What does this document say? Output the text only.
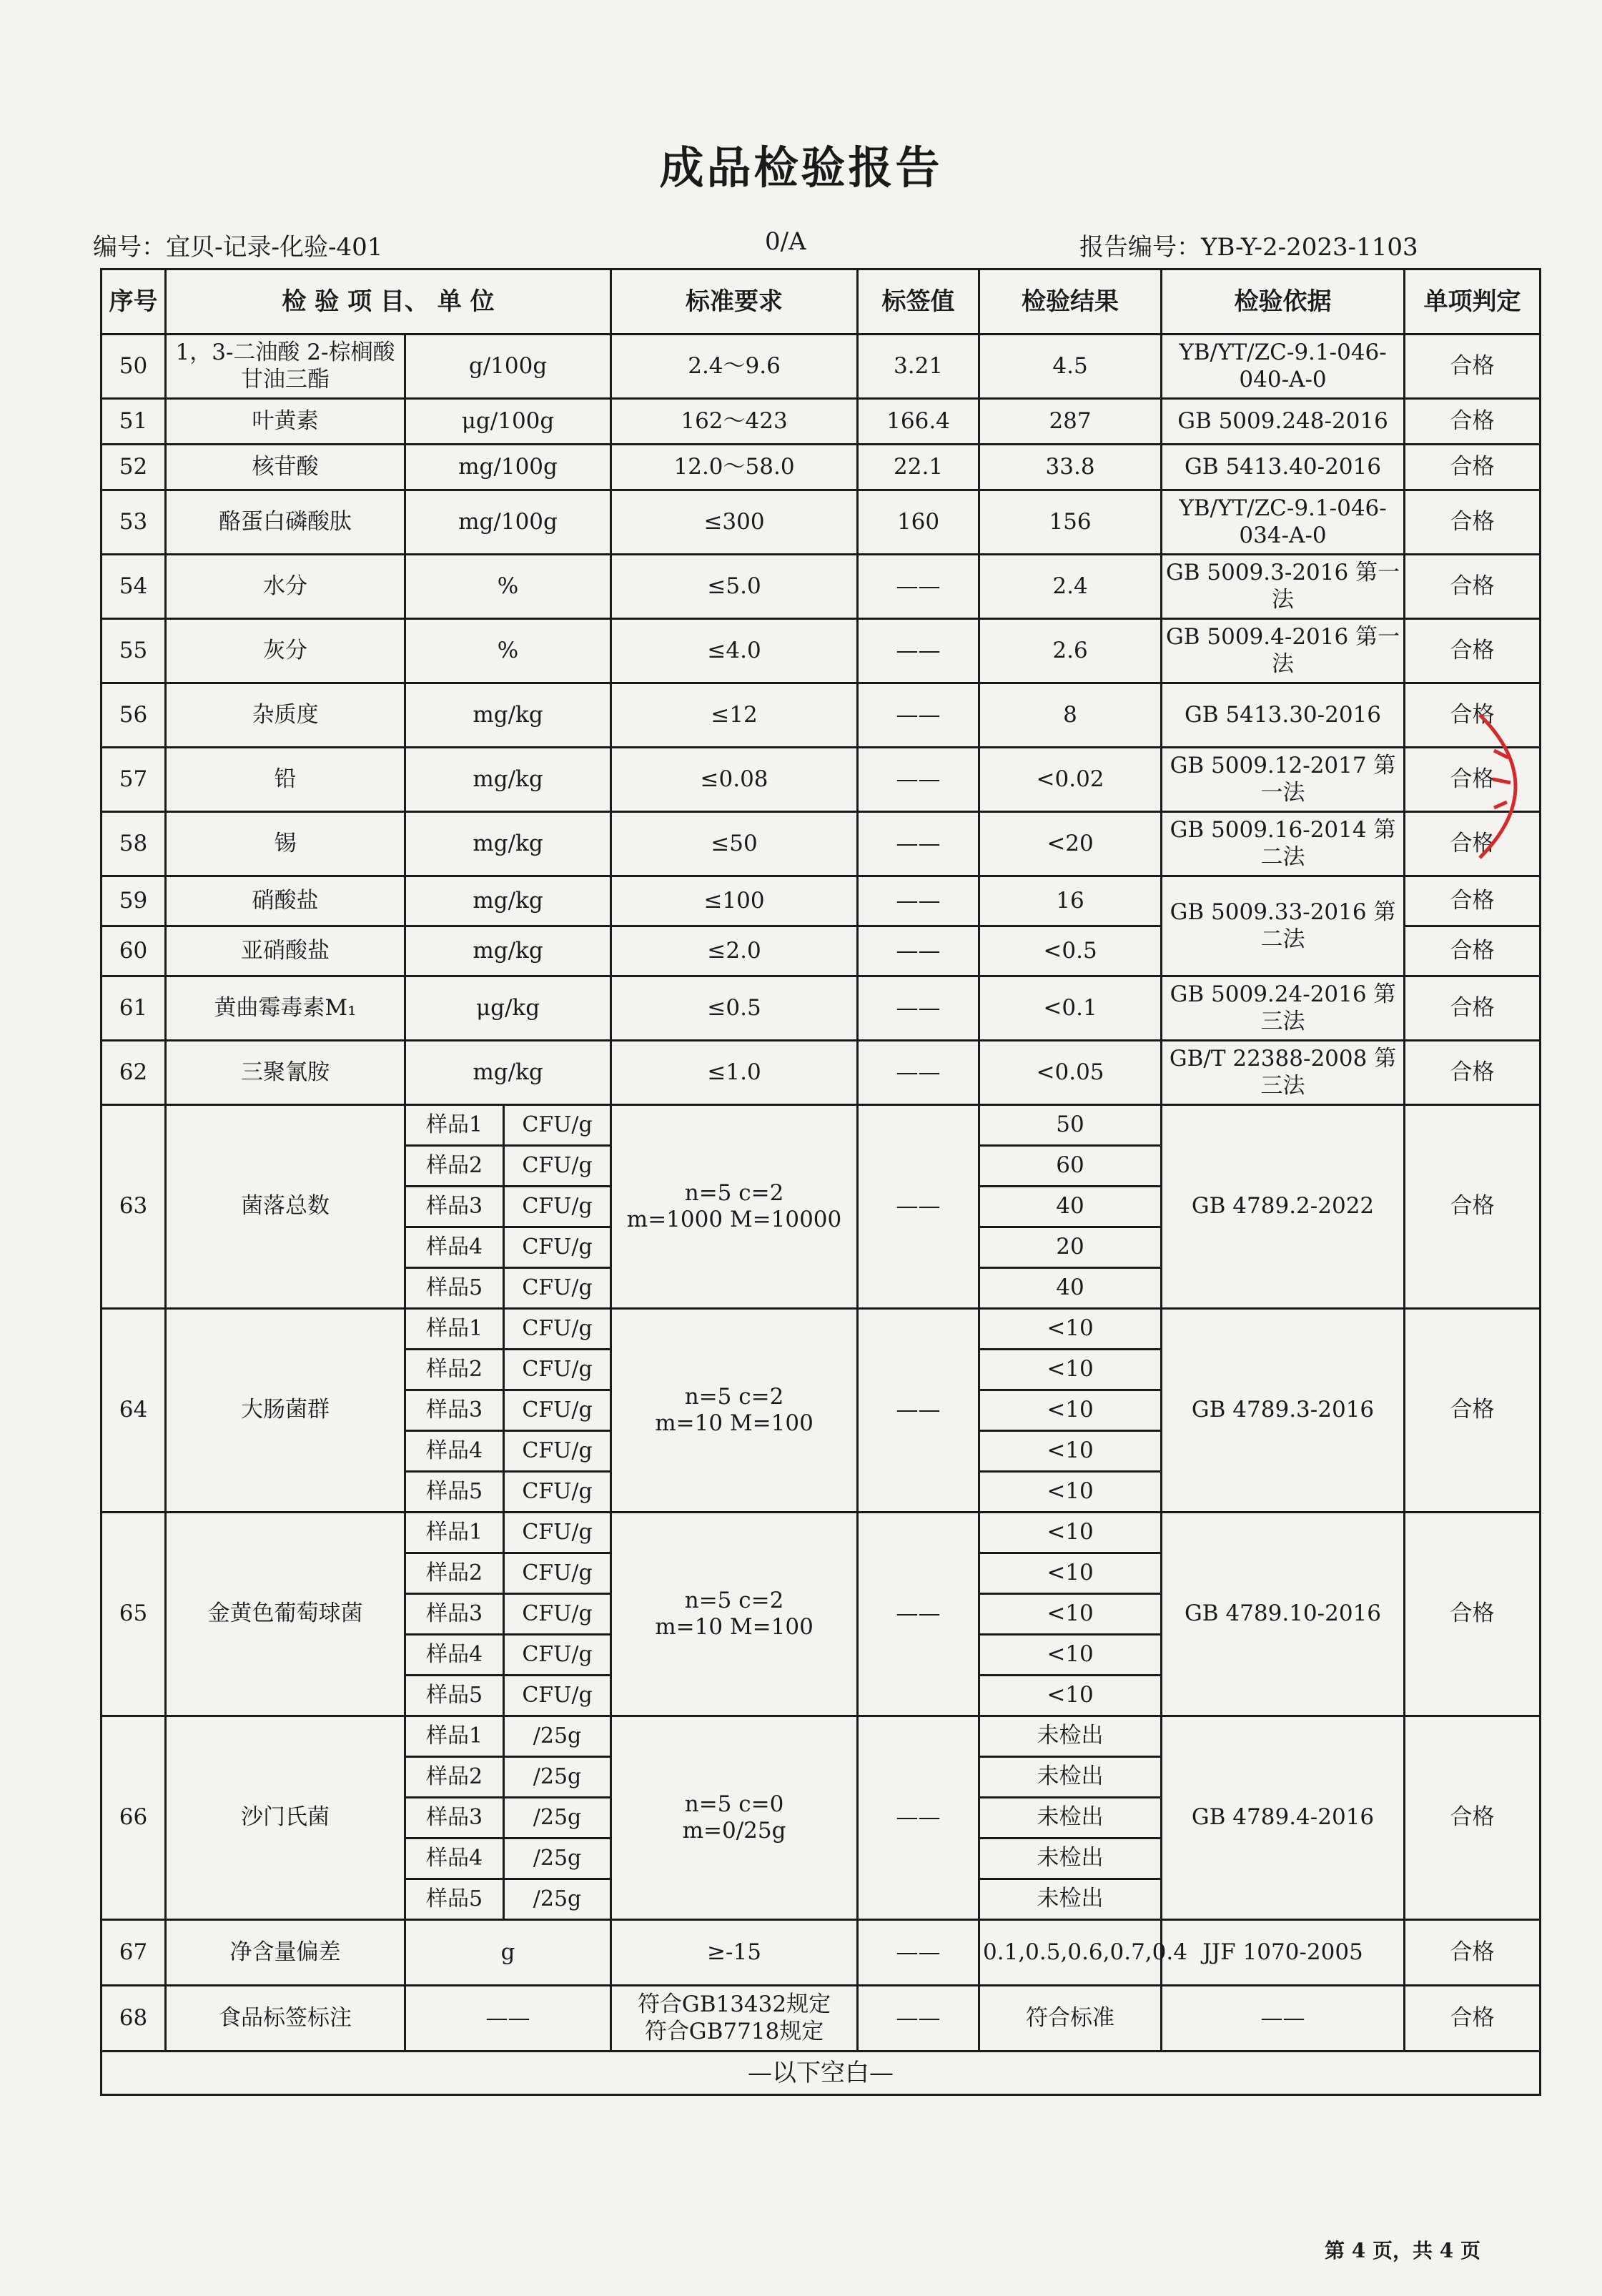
成品检验报告
编号：宜贝-记录-化验-401	0/A	报告编号：YB-Y-2-2023-1103
序号	检 验 项 目、 单 位			标准要求	标签值	检验结果	检验依据	单项判定
50	1，3-二油酸 2-棕榈酸甘油三酯	g/100g		2.4～9.6	3.21	4.5	YB/YT/ZC-9.1-046-040-A-0	合格
51	叶黄素	μg/100g		162～423	166.4	287	GB 5009.248-2016	合格
52	核苷酸	mg/100g		12.0～58.0	22.1	33.8	GB 5413.40-2016	合格
53	酪蛋白磷酸肽	mg/100g		≤300	160	156	YB/YT/ZC-9.1-046-034-A-0	合格
54	水分	%		≤5.0	——	2.4	GB 5009.3-2016 第一法	合格
55	灰分	%		≤4.0	——	2.6	GB 5009.4-2016 第一法	合格
56	杂质度	mg/kg		≤12	——	8	GB 5413.30-2016	合格
57	铅	mg/kg		≤0.08	——	<0.02	GB 5009.12-2017 第一法	合格
58	锡	mg/kg		≤50	——	<20	GB 5009.16-2014 第二法	合格
59	硝酸盐	mg/kg		≤100	——	16	GB 5009.33-2016 第二法	合格
60	亚硝酸盐	mg/kg		≤2.0	——	<0.5		合格
61	黄曲霉毒素M₁	μg/kg		≤0.5	——	<0.1	GB 5009.24-2016 第三法	合格
62	三聚氰胺	mg/kg		≤1.0	——	<0.05	GB/T 22388-2008 第三法	合格
63	菌落总数	样品1	CFU/g	n=5 c=2
m=1000 M=10000	——	50	GB 4789.2-2022	合格
		样品2	CFU/g			60		
		样品3	CFU/g			40		
		样品4	CFU/g			20		
		样品5	CFU/g			40		
64	大肠菌群	样品1	CFU/g	n=5 c=2
m=10 M=100	——	<10	GB 4789.3-2016	合格
		样品2	CFU/g			<10		
		样品3	CFU/g			<10		
		样品4	CFU/g			<10		
		样品5	CFU/g			<10		
65	金黄色葡萄球菌	样品1	CFU/g	n=5 c=2
m=10 M=100	——	<10	GB 4789.10-2016	合格
		样品2	CFU/g			<10		
		样品3	CFU/g			<10		
		样品4	CFU/g			<10		
		样品5	CFU/g			<10		
66	沙门氏菌	样品1	/25g	n=5 c=0
m=0/25g	——	未检出	GB 4789.4-2016	合格
		样品2	/25g			未检出		
		样品3	/25g			未检出		
		样品4	/25g			未检出		
		样品5	/25g			未检出		
67	净含量偏差	g		≥-15	——	0.1,0.5,0.6,0.7,0.4	JJF 1070-2005	合格
68	食品标签标注	——		符合GB13432规定
符合GB7718规定	——	符合标准	——	合格
—以下空白—								
第 4 页，共 4 页
